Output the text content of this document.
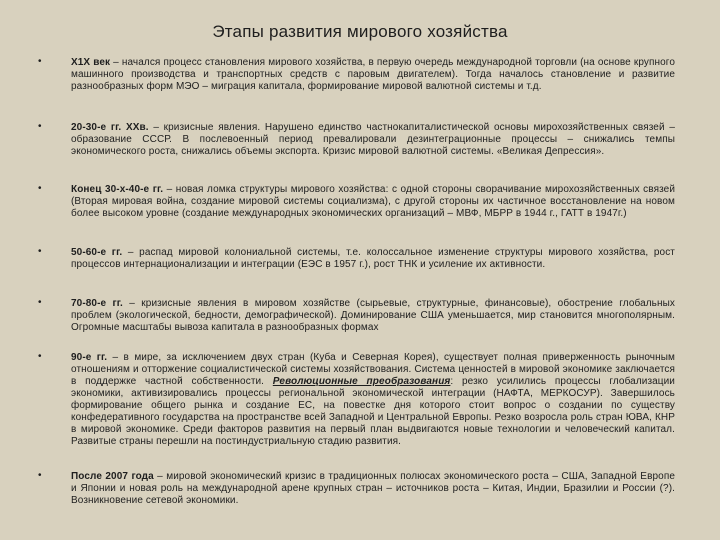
Этапы развития мирового хозяйства
•	Х1Х век – начался процесс становления мирового хозяйства, в первую очередь международной торговли (на основе крупного машинного производства и транспортных средств с паровым двигателем). Тогда началось становление и развитие разнообразных форм МЭО – миграция капитала, формирование мировой валютной системы и т.д.
•	20-30-е гг. ХХв. – кризисные явления. Нарушено единство частнокапиталистической основы мирохозяйственных связей – образование СССР. В послевоенный период превалировали дезинтеграционные процессы – снижались темпы экономического роста, снижались объемы экспорта. Кризис мировой валютной системы. «Великая Депрессия».
•	Конец 30-х-40-е гг. – новая ломка структуры мирового хозяйства: с одной стороны сворачивание мирохозяйственных связей (Вторая мировая война, создание мировой системы социализма), с другой стороны их частичное восстановление на новом более высоком уровне (создание международных экономических организаций – МВФ, МБРР в 1944 г., ГАТТ в 1947г.)
•	50-60-е гг. – распад мировой колониальной системы, т.е. колоссальное изменение структуры мирового хозяйства, рост процессов интернационализации и интеграции (ЕЭС в 1957 г.), рост ТНК и усиление их активности.
•	70-80-е гг. – кризисные явления в мировом хозяйстве (сырьевые, структурные, финансовые), обострение глобальных проблем (экологической, бедности, демографической). Доминирование США уменьшается, мир становится многополярным. Огромные масштабы вывоза капитала в разнообразных формах
•	90-е гг. – в мире, за исключением двух стран (Куба и Северная Корея), существует полная приверженность рыночным отношениям и отторжение социалистической системы хозяйствования. Система ценностей в мировой экономике заключается в поддержке частной собственности. Революционные преобразования: резко усилились процессы глобализации экономики, активизировались процессы региональной экономической интеграции (НАФТА, МЕРКОСУР). Завершилось формирование общего рынка и создание ЕС, на повестке дня которого стоит вопрос о создании по существу конфедеративного государства на пространстве всей Западной и Центральной Европы. Резко возросла роль стран ЮВА, КНР в мировой экономике. Среди факторов развития на первый план выдвигаются новые технологии и человеческий капитал. Развитые страны перешли на постиндустриальную стадию развития.
•	После 2007 года – мировой экономический кризис в традиционных полюсах экономического роста – США, Западной Европе и Японии и новая роль на международной арене крупных стран – источников роста – Китая, Индии, Бразилии и России (?). Возникновение сетевой экономики.
